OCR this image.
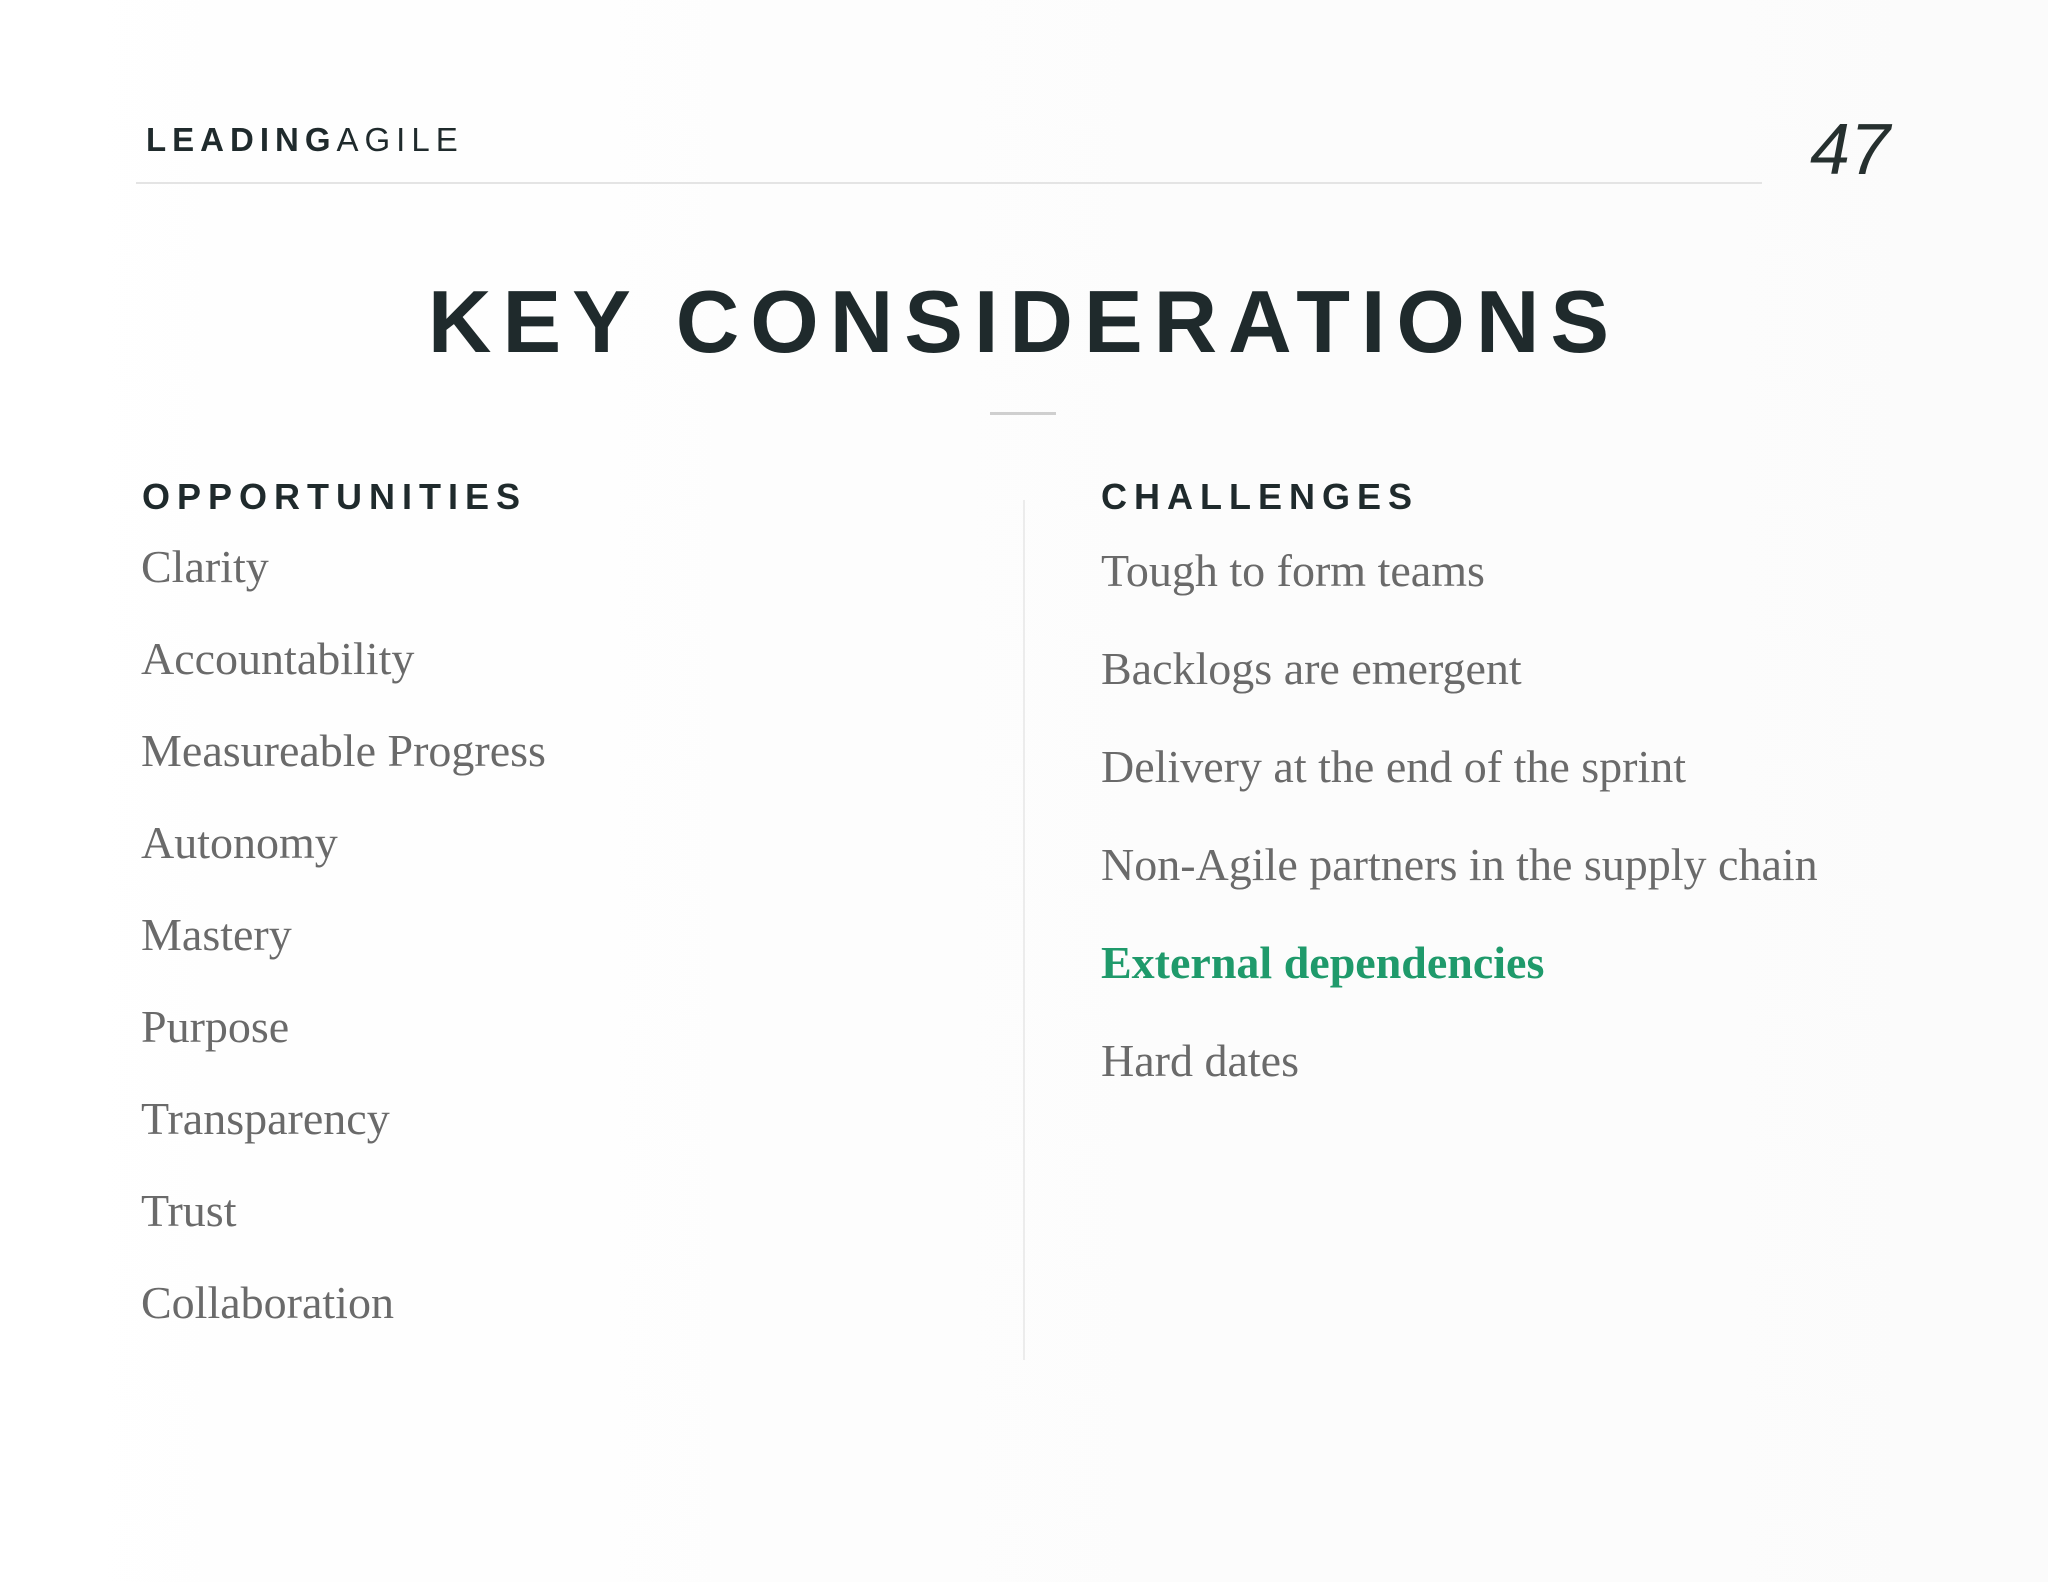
LEADINGAGILE	47
KEY CONSIDERATIONS
OPPORTUNITIES
Clarity
Accountability
Measureable Progress
Autonomy
Mastery
Purpose
Transparency
Trust
Collaboration
CHALLENGES
Tough to form teams
Backlogs are emergent
Delivery at the end of the sprint
Non-Agile partners in the supply chain
External dependencies
Hard dates
